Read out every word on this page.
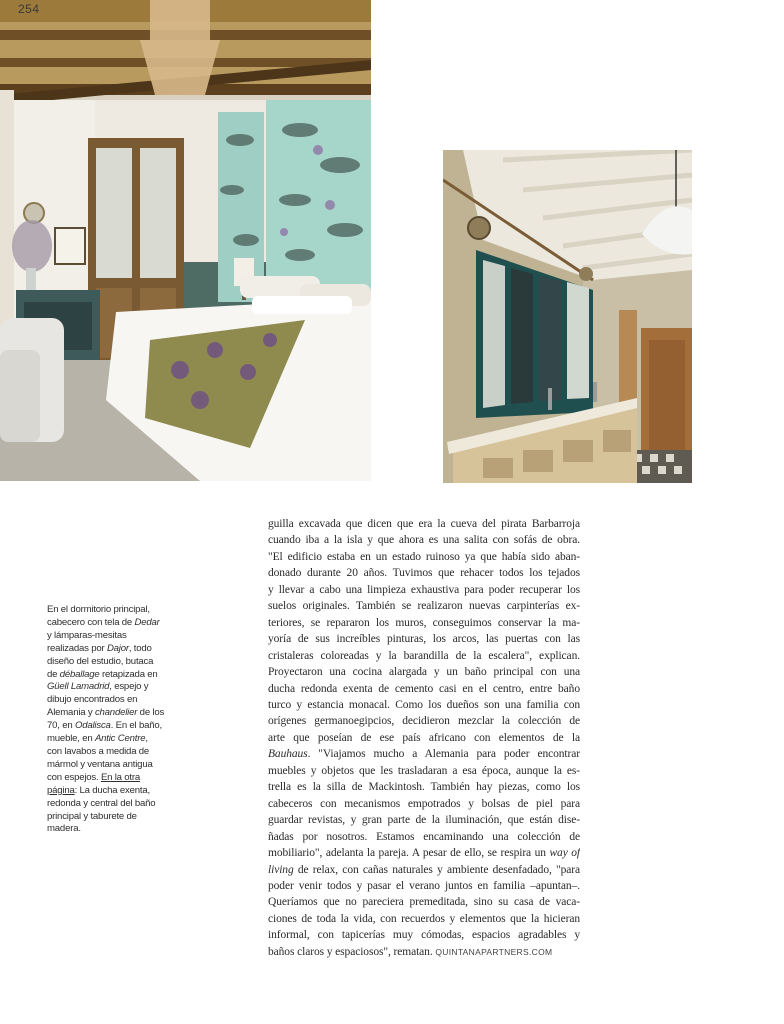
254
En el dormitorio principal, cabecero con tela de Dedar y lámparas-mesitas realizadas por Dajor, todo diseño del estudio, butaca de déballage retapizada en Güell Lamadrid, espejo y dibujo encontrados en Alemania y chandelier de los 70, en Odalisca. En el baño, mueble, en Antic Centre, con lavabos a medida de mármol y ventana antigua con espejos. En la otra página: La ducha exenta, redonda y central del baño principal y taburete de madera.
guilla excavada que dicen que era la cueva del pirata Barbarroja
cuando iba a la isla y que ahora es una salita con sofás de obra.
"El edificio estaba en un estado ruinoso ya que había sido aban-
donado durante 20 años. Tuvimos que rehacer todos los tejados
y llevar a cabo una limpieza exhaustiva para poder recuperar los
suelos originales. También se realizaron nuevas carpinterías ex-
teriores, se repararon los muros, conseguimos conservar la ma-
yoría de sus increíbles pinturas, los arcos, las puertas con las
cristaleras coloreadas y la barandilla de la escalera", explican.
Proyectaron una cocina alargada y un baño principal con una
ducha redonda exenta de cemento casi en el centro, entre baño
turco y estancia monacal. Como los dueños son una familia con
orígenes germanoegipcios, decidieron mezclar la colección de
arte que poseían de ese país africano con elementos de la
Bauhaus. "Viajamos mucho a Alemania para poder encontrar
muebles y objetos que les trasladaran a esa época, aunque la es-
trella es la silla de Mackintosh. También hay piezas, como los
cabeceros con mecanismos empotrados y bolsas de piel para
guardar revistas, y gran parte de la iluminación, que están dise-
ñadas por nosotros. Estamos encaminando una colección de
mobiliario", adelanta la pareja. A pesar de ello, se respira un way of
living de relax, con cañas naturales y ambiente desenfadado, "para
poder venir todos y pasar el verano juntos en familia –apuntan–.
Queríamos que no pareciera premeditada, sino su casa de vaca-
ciones de toda la vida, con recuerdos y elementos que la hicieran
informal, con tapicerías muy cómodas, espacios agradables y
baños claros y espaciosos", rematan. QUINTANAPARTNERS.COM
